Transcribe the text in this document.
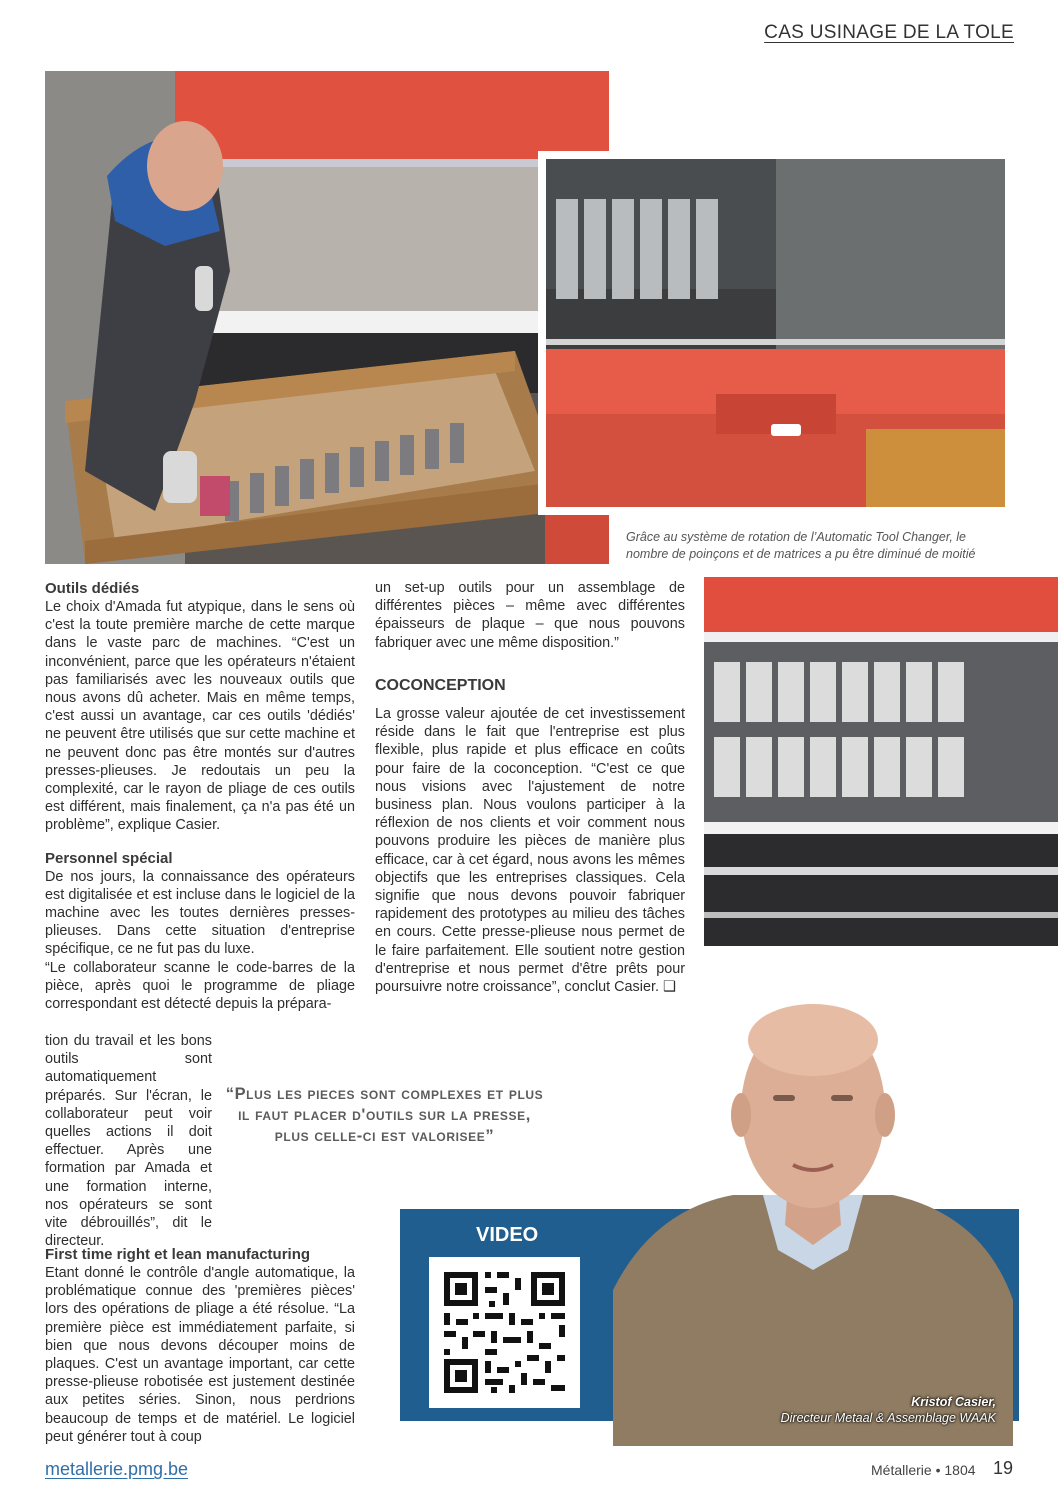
CAS USINAGE DE LA TOLE
Grâce au système de rotation de l’Automatic Tool Changer, le
nombre de poinçons et de matrices a pu être diminué de moitié
Outils dédiés

Le choix d'Amada fut atypique, dans le sens où c'est la toute première marche de cette marque dans le vaste parc de machines. “C'est un inconvénient, parce que les opérateurs n'étaient pas familiarisés avec les nouveaux outils que nous avons dû acheter. Mais en même temps, c'est aussi un avantage, car ces outils 'dédiés' ne peuvent être utilisés que sur cette machine et ne peuvent donc pas être montés sur d'autres presses-plieuses. Je redoutais un peu la complexité, car le rayon de pliage de ces outils est différent, mais finalement, ça n'a pas été un problème”, explique Casier.

Personnel spécial

De nos jours, la connaissance des opérateurs est digitalisée et est incluse dans le logiciel de la machine avec les toutes dernières presses-plieuses. Dans cette situation d'entreprise spécifique, ce ne fut pas du luxe.

“Le collaborateur scanne le code-barres de la pièce, après quoi le programme de pliage correspondant est détecté depuis la prépara-

tion du travail et les bons outils sont automatiquement préparés. Sur l'écran, le collaborateur peut voir quelles actions il doit effectuer. Après une formation par Amada et une formation interne, nos opérateurs se sont vite débrouillés”, dit le directeur.

First time right et lean manufacturing

Etant donné le contrôle d'angle automatique, la problématique connue des 'premières pièces' lors des opérations de pliage a été résolue. “La première pièce est immédiatement parfaite, si bien que nous devons découper moins de plaques. C'est un avantage important, car cette presse-plieuse robotisée est justement destinée aux petites séries. Sinon, nous perdrions beaucoup de temps et de matériel. Le logiciel peut générer tout à coup

un set-up outils pour un assemblage de différentes pièces – même avec différentes épaisseurs de plaque – que nous pouvons fabriquer avec une même disposition.”

COCONCEPTION

La grosse valeur ajoutée de cet investissement réside dans le fait que l'entreprise est plus flexible, plus rapide et plus efficace en coûts pour faire de la coconception. “C'est ce que nous visions avec l'ajustement de notre business plan. Nous voulons participer à la réflexion de nos clients et voir comment nous pouvons produire les pièces de manière plus efficace, car à cet égard, nous avons les mêmes objectifs que les entreprises classiques. Cela signifie que nous devons pouvoir fabriquer rapidement des prototypes au milieu des tâches en cours. Cette presse-plieuse nous permet de le faire parfaitement. Elle soutient notre gestion d'entreprise et nous permet d'être prêts pour poursuivre notre croissance”, conclut Casier. ❑

“Plus les pieces sont complexes et plus
il faut placer d'outils sur la presse,
plus celle-ci est valorisee”
VIDEO
Kristof Casier,
Directeur Metaal & Assemblage WAAK
metallerie.pmg.be	Métallerie • 1804 19
